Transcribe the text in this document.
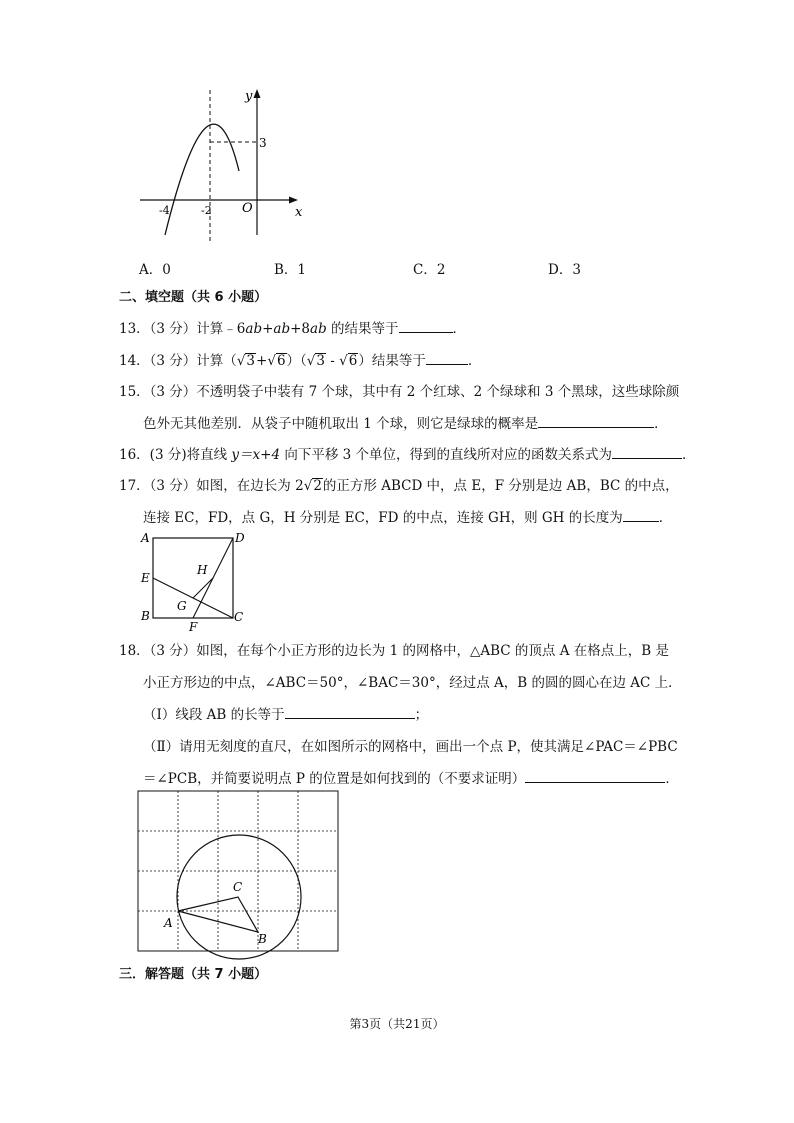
y
x
O
3
-4	-2
A．0	B．1	C．2	D．3
二、填空题（共 6 小题）
13．（3 分）计算﹣6ab+ab+8ab 的结果等于	．
14．（3 分）计算（√3+√6）（√3 - √6）结果等于	．
15．（3 分）不透明袋子中装有 7 个球，其中有 2 个红球、2 个绿球和 3 个黑球，这些球除颜
色外无其他差别．从袋子中随机取出 1 个球，则它是绿球的概率是	．
16．(3 分)将直线 y＝x+4 向下平移 3 个单位，得到的直线所对应的函数关系式为	．
17．（3 分）如图，在边长为 2√2的正方形 ABCD 中，点 E，F 分别是边 AB，BC 的中点，
连接 EC，FD，点 G，H 分别是 EC，FD 的中点，连接 GH，则 GH 的长度为	．
A	D
E
H
B
G
C
F
18．（3 分）如图，在每个小正方形的边长为 1 的网格中，△ABC 的顶点 A 在格点上，B 是
小正方形边的中点，∠ABC＝50°，∠BAC＝30°，经过点 A，B 的圆的圆心在边 AC 上．
（Ⅰ）线段 AB 的长等于	；
（Ⅱ）请用无刻度的直尺，在如图所示的网格中，画出一个点 P，使其满足∠PAC＝∠PBC
＝∠PCB，并简要说明点 P 的位置是如何找到的（不要求证明）	．
A
C
B
三．解答题（共 7 小题）
第3页（共21页）
